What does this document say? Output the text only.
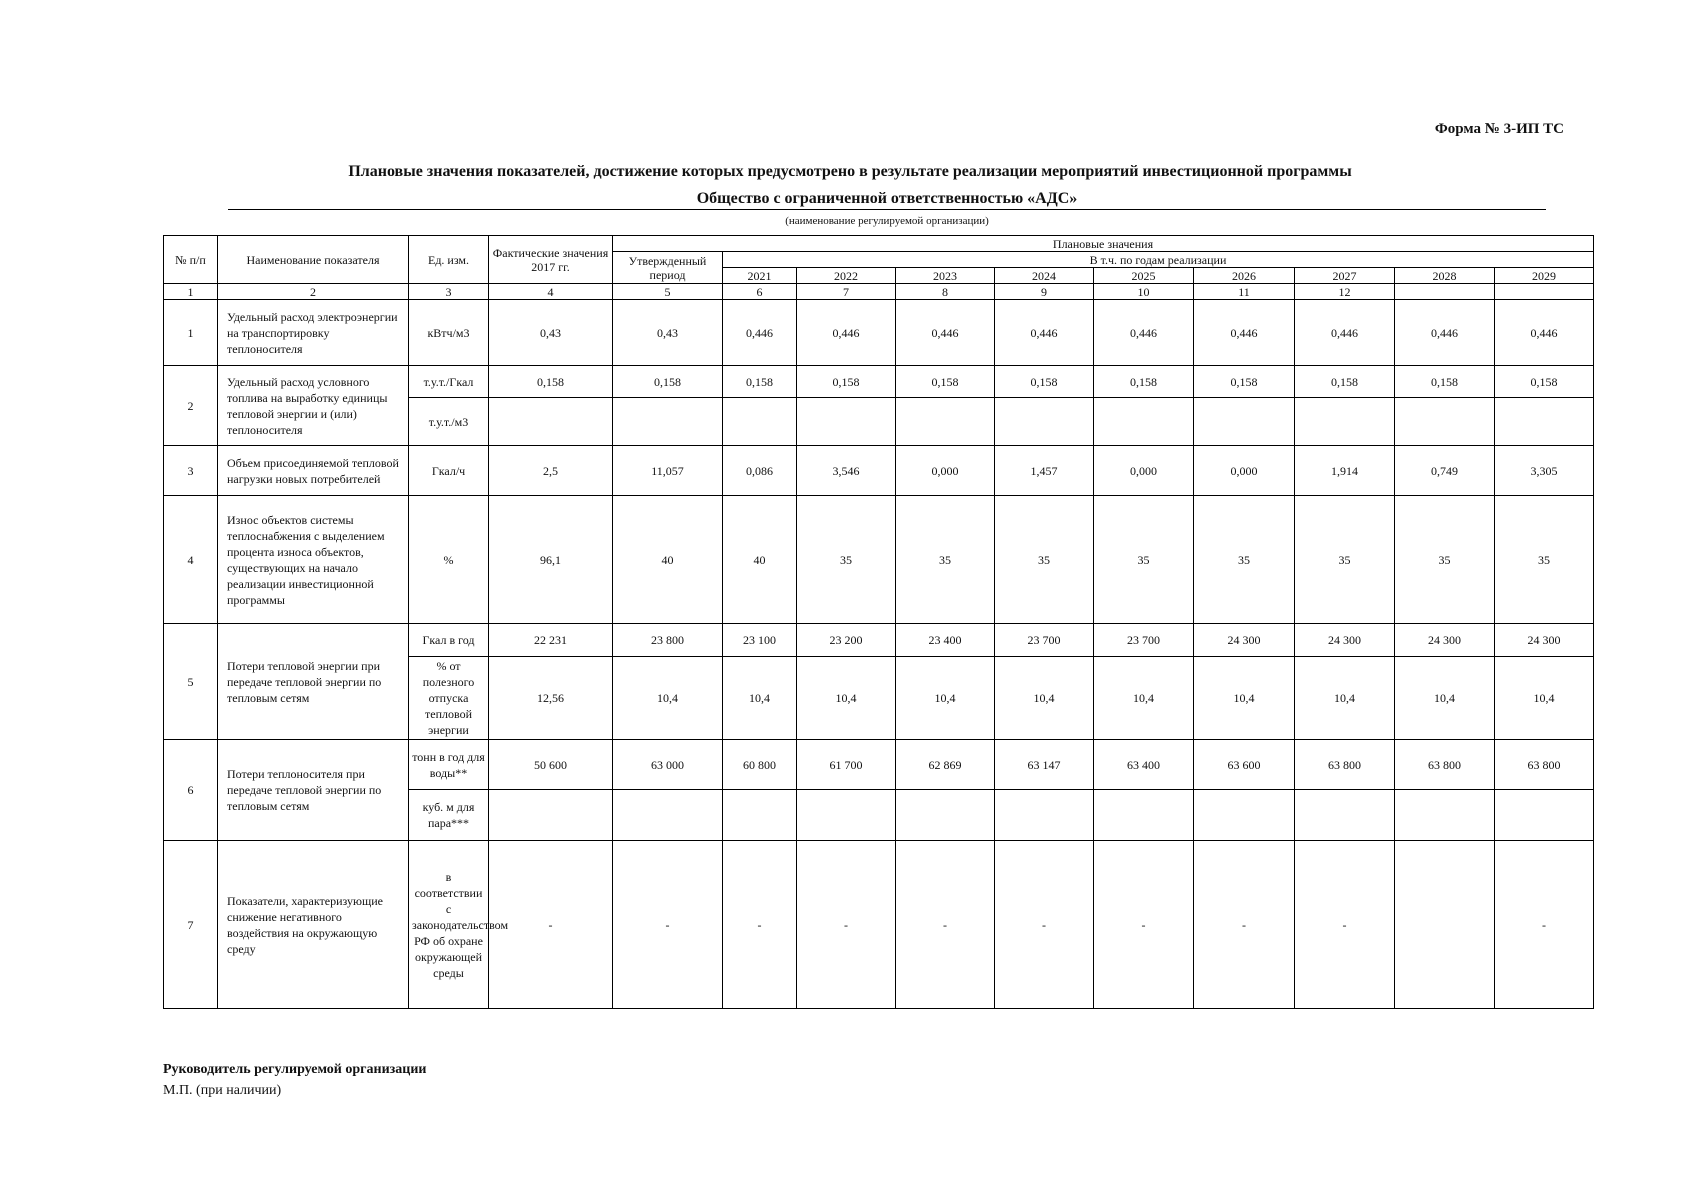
Форма № 3-ИП ТС
Плановые значения показателей, достижение которых предусмотрено в результате реализации мероприятий инвестиционной программы
Общество с ограниченной ответственностью «АДС»
(наименование регулируемой организации)
№ п/п	Наименование показателя	Ед. изм.	Фактические значения 2017 гг.	Плановые значения									
				Утвержденный период	В т.ч. по годам реализации								
					2021	2022	2023	2024	2025	2026	2027	2028	2029
1	2	3	4	5	6	7	8	9	10	11	12		
1	Удельный расход электроэнергии на транспортировку теплоносителя	кВтч/м3	0,43	0,43	0,446	0,446	0,446	0,446	0,446	0,446	0,446	0,446	0,446
2	Удельный расход условного топлива на выработку единицы тепловой энергии и (или) теплоносителя	т.у.т./Гкал	0,158	0,158	0,158	0,158	0,158	0,158	0,158	0,158	0,158	0,158	0,158
		т.у.т./м3											
3	Объем присоединяемой тепловой нагрузки новых потребителей	Гкал/ч	2,5	11,057	0,086	3,546	0,000	1,457	0,000	0,000	1,914	0,749	3,305
4	Износ объектов системы теплоснабжения с выделением процента износа объектов, существующих на начало реализации инвестиционной программы	%	96,1	40	40	35	35	35	35	35	35	35	35
5	Потери тепловой энергии при передаче тепловой энергии по тепловым сетям	Гкал в год	22 231	23 800	23 100	23 200	23 400	23 700	23 700	24 300	24 300	24 300	24 300
		% от полезного отпуска тепловой энергии	12,56	10,4	10,4	10,4	10,4	10,4	10,4	10,4	10,4	10,4	10,4
6	Потери теплоносителя при передаче тепловой энергии по тепловым сетям	тонн в год для воды**	50 600	63 000	60 800	61 700	62 869	63 147	63 400	63 600	63 800	63 800	63 800
		куб. м для пара***											
7	Показатели, характеризующие снижение негативного воздействия на окружающую среду	в соответствии с законодательством РФ об охране окружающей среды	-	-	-	-	-	-	-	-	-		-
Руководитель регулируемой организации
М.П. (при наличии)
